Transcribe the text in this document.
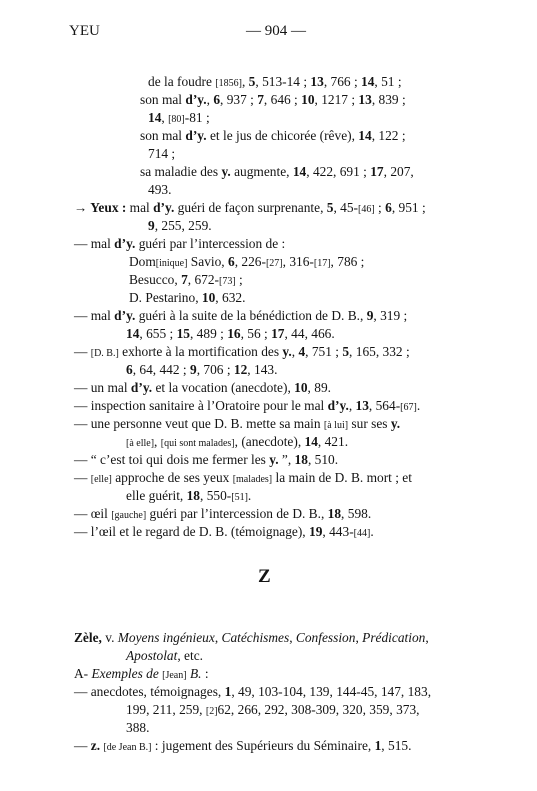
YEU	— 904 —
de la foudre [1856], 5, 513-14 ; 13, 766 ; 14, 51 ;
son mal d’y., 6, 937 ; 7, 646 ; 10, 1217 ; 13, 839 ;
14, [80]-81 ;
son mal d’y. et le jus de chicorée (rêve), 14, 122 ;
714 ;
sa maladie des y. augmente, 14, 422, 691 ; 17, 207,
493.
→ Yeux : mal d’y. guéri de façon surprenante, 5, 45-[46] ; 6, 951 ;
9, 255, 259.
— mal d’y. guéri par l’intercession de :
Dom[inique] Savio, 6, 226-[27], 316-[17], 786 ;
Besucco, 7, 672-[73] ;
D. Pestarino, 10, 632.
— mal d’y. guéri à la suite de la bénédiction de D. B., 9, 319 ;
14, 655 ; 15, 489 ; 16, 56 ; 17, 44, 466.
— [D. B.] exhorte à la mortification des y., 4, 751 ; 5, 165, 332 ;
6, 64, 442 ; 9, 706 ; 12, 143.
— un mal d’y. et la vocation (anecdote), 10, 89.
— inspection sanitaire à l’Oratoire pour le mal d’y., 13, 564-[67].
— une personne veut que D. B. mette sa main [à lui] sur ses y.
[à elle], [qui sont malades], (anecdote), 14, 421.
— “ c’est toi qui dois me fermer les y. ”, 18, 510.
— [elle] approche de ses yeux [malades] la main de D. B. mort ; et
elle guérit, 18, 550-[51].
— œil [gauche] guéri par l’intercession de D. B., 18, 598.
— l’œil et le regard de D. B. (témoignage), 19, 443-[44].
Zèle, v. Moyens ingénieux, Catéchismes, Confession, Prédication,
Apostolat, etc.
A- Exemples de [Jean] B. :
— anecdotes, témoignages, 1, 49, 103-104, 139, 144-45, 147, 183,
199, 211, 259, [2]62, 266, 292, 308-309, 320, 359, 373,
388.
— z. [de Jean B.] : jugement des Supérieurs du Séminaire, 1, 515.
Z
